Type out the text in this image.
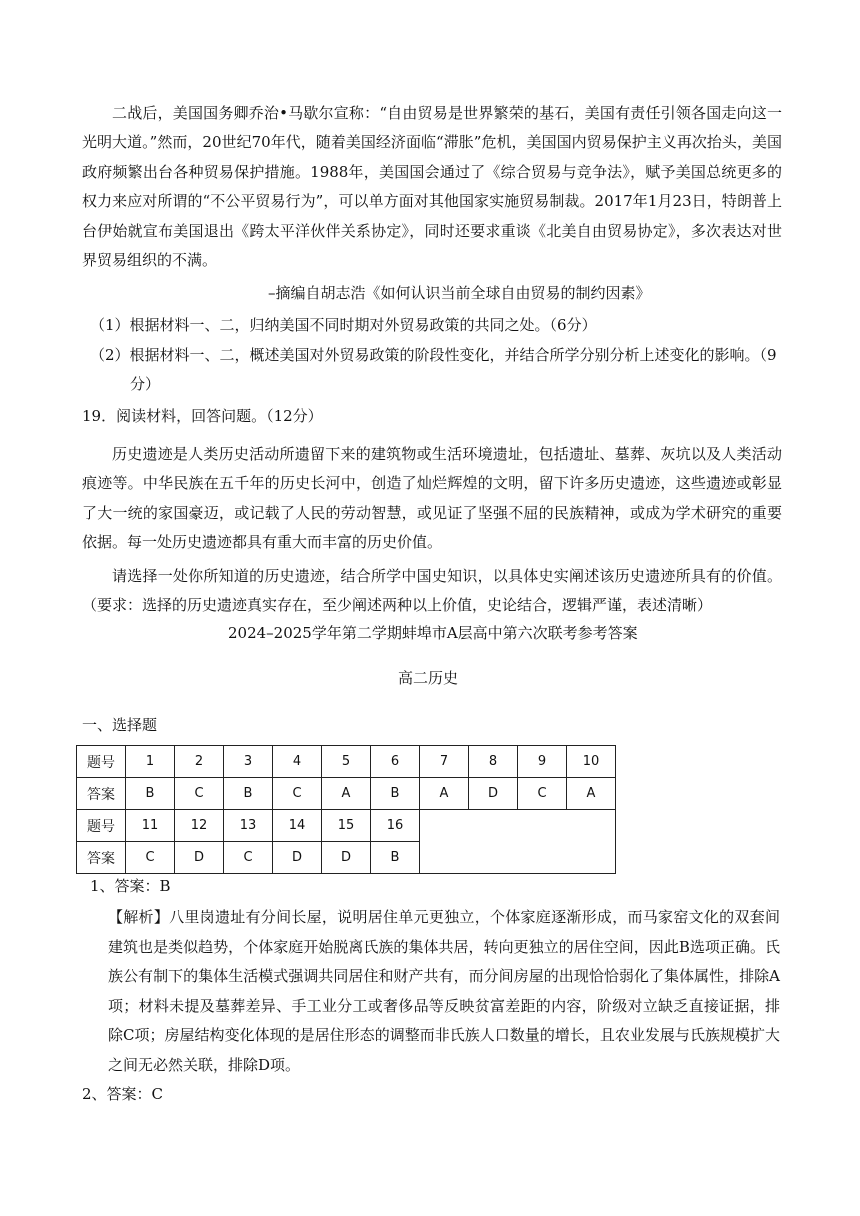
二战后，美国国务卿乔治•马歇尔宣称：“自由贸易是世界繁荣的基石，美国有责任引领各国走向这一光明大道。”然而，20世纪70年代，随着美国经济面临“滞胀”危机，美国国内贸易保护主义再次抬头，美国政府频繁出台各种贸易保护措施。1988年，美国国会通过了《综合贸易与竞争法》，赋予美国总统更多的权力来应对所谓的“不公平贸易行为”，可以单方面对其他国家实施贸易制裁。2017年1月23日，特朗普上台伊始就宣布美国退出《跨太平洋伙伴关系协定》，同时还要求重谈《北美自由贸易协定》，多次表达对世界贸易组织的不满。

–摘编自胡志浩《如何认识当前全球自由贸易的制约因素》

（1）根据材料一、二，归纳美国不同时期对外贸易政策的共同之处。（6分）

（2）根据材料一、二，概述美国对外贸易政策的阶段性变化，并结合所学分别分析上述变化的影响。（9
分）

19．阅读材料，回答问题。（12分）

历史遗迹是人类历史活动所遗留下来的建筑物或生活环境遗址，包括遗址、墓葬、灰坑以及人类活动痕迹等。中华民族在五千年的历史长河中，创造了灿烂辉煌的文明，留下许多历史遗迹，这些遗迹或彰显了大一统的家国豪迈，或记载了人民的劳动智慧，或见证了坚强不屈的民族精神，或成为学术研究的重要依据。每一处历史遗迹都具有重大而丰富的历史价值。

请选择一处你所知道的历史遗迹，结合所学中国史知识，以具体史实阐述该历史遗迹所具有的价值。（要求：选择的历史遗迹真实存在，至少阐述两种以上价值，史论结合，逻辑严谨，表述清晰）

2024–2025学年第二学期蚌埠市A层高中第六次联考参考答案

高二历史

一、选择题

题号	1	2	3	4	5	6	7	8	9	10
答案	B	C	B	C	A	B	A	D	C	A
题号	11	12	13	14	15	16				
答案	C	D	C	D	D	B				

1、答案：B

【解析】八里岗遗址有分间长屋，说明居住单元更独立，个体家庭逐渐形成，而马家窑文化的双套间建筑也是类似趋势，个体家庭开始脱离氏族的集体共居，转向更独立的居住空间，因此B选项正确。氏族公有制下的集体生活模式强调共同居住和财产共有，而分间房屋的出现恰恰弱化了集体属性，排除A项；材料未提及墓葬差异、手工业分工或奢侈品等反映贫富差距的内容，阶级对立缺乏直接证据，排除C项；房屋结构变化体现的是居住形态的调整而非氏族人口数量的增长，且农业发展与氏族规模扩大之间无必然关联，排除D项。

2、答案：C
